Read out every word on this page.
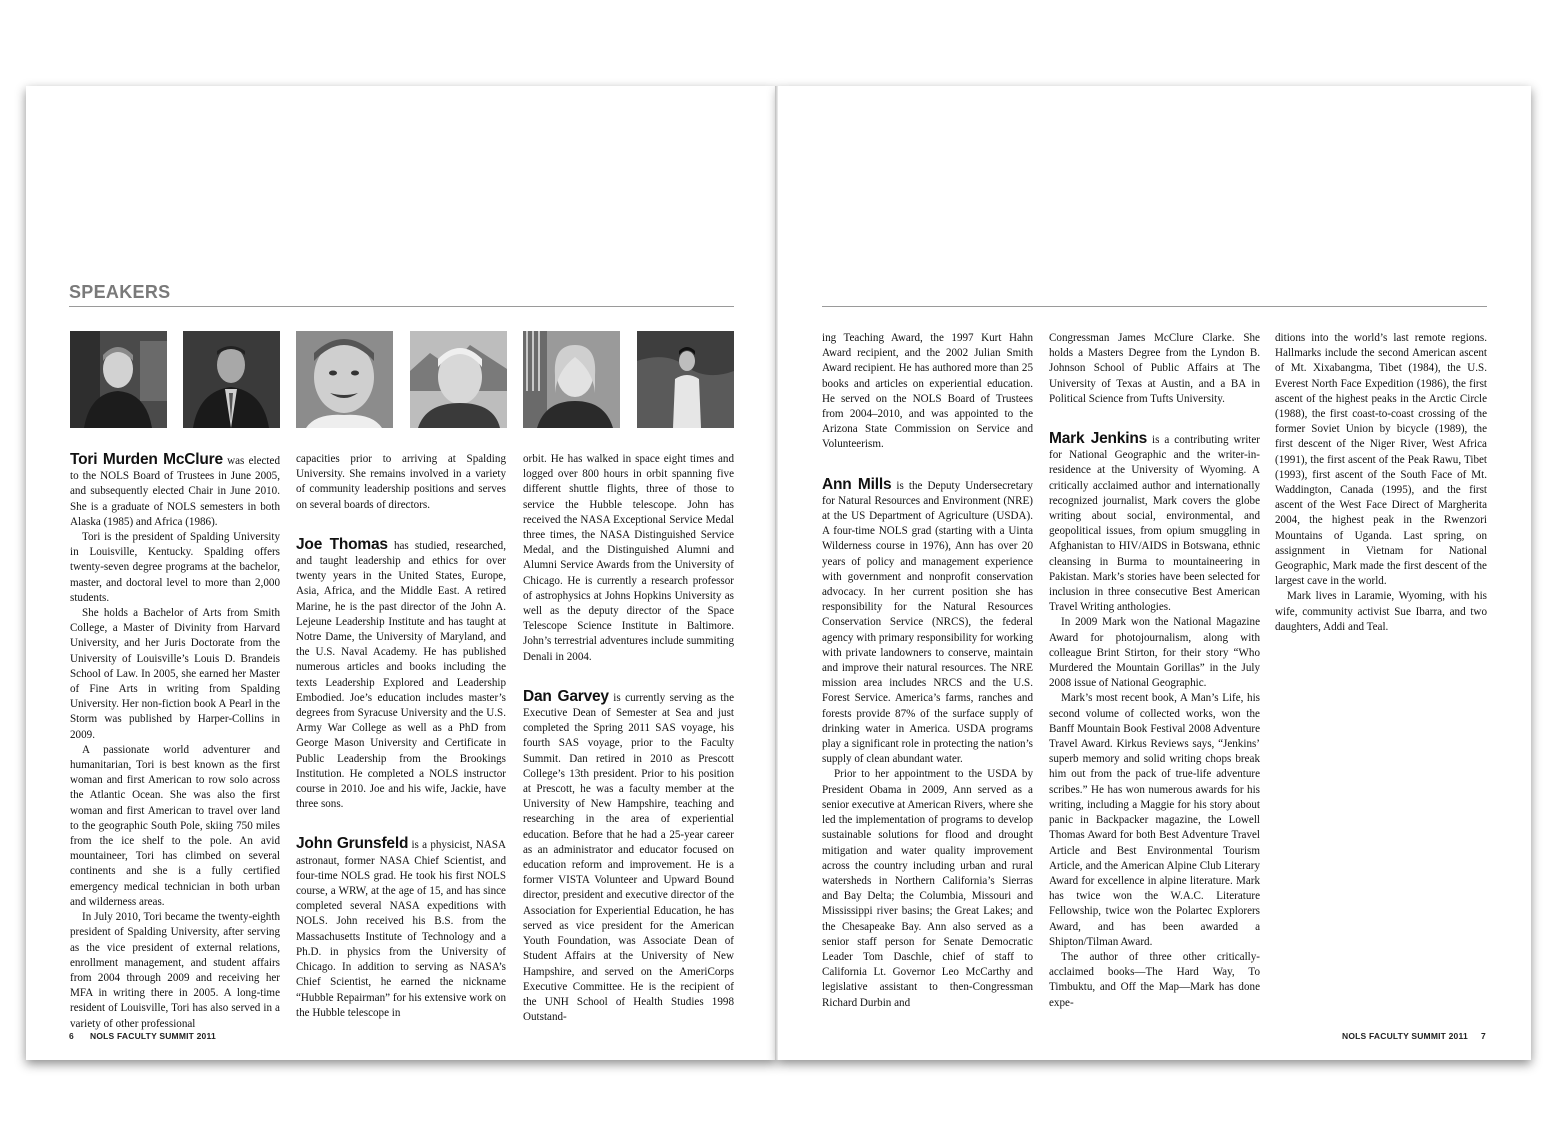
SPEAKERS

Tori Murden McClure was elected to the NOLS Board of Trustees in June 2005, and subsequently elected Chair in June 2010. She is a graduate of NOLS semesters in both Alaska (1985) and Africa (1986).

Tori is the president of Spalding University in Louisville, Kentucky. Spalding offers twenty-seven degree programs at the bachelor, master, and doctoral level to more than 2,000 students.

She holds a Bachelor of Arts from Smith College, a Master of Divinity from Harvard University, and her Juris Doctorate from the University of Louisville’s Louis D. Brandeis School of Law. In 2005, she earned her Master of Fine Arts in writing from Spalding University. Her non-fiction book A Pearl in the Storm was published by Harper-Collins in 2009.

A passionate world adventurer and humanitarian, Tori is best known as the first woman and first American to row solo across the Atlantic Ocean. She was also the first woman and first American to travel over land to the geographic South Pole, skiing 750 miles from the ice shelf to the pole. An avid mountaineer, Tori has climbed on several continents and she is a fully certified emergency medical technician in both urban and wilderness areas.

In July 2010, Tori became the twenty-eighth president of Spalding University, after serving as the vice president of external relations, enrollment management, and student affairs from 2004 through 2009 and receiving her MFA in writing there in 2005. A long-time resident of Louisville, Tori has also served in a variety of other professional

capacities prior to arriving at Spalding University. She remains involved in a variety of community leadership positions and serves on several boards of directors.

Joe Thomas has studied, researched, and taught leadership and ethics for over twenty years in the United States, Europe, Asia, Africa, and the Middle East. A retired Marine, he is the past director of the John A. Lejeune Leadership Institute and has taught at Notre Dame, the University of Maryland, and the U.S. Naval Academy. He has published numerous articles and books including the texts Leadership Explored and Leadership Embodied. Joe’s education includes master’s degrees from Syracuse University and the U.S. Army War College as well as a PhD from George Mason University and Certificate in Public Leadership from the Brookings Institution. He completed a NOLS instructor course in 2010. Joe and his wife, Jackie, have three sons.

John Grunsfeld is a physicist, NASA astronaut, former NASA Chief Scientist, and four-time NOLS grad. He took his first NOLS course, a WRW, at the age of 15, and has since completed several NASA expeditions with NOLS. John received his B.S. from the Massachusetts Institute of Technology and a Ph.D. in physics from the University of Chicago. In addition to serving as NASA’s Chief Scientist, he earned the nickname “Hubble Repairman” for his extensive work on the Hubble telescope in

orbit. He has walked in space eight times and logged over 800 hours in orbit spanning five different shuttle flights, three of those to service the Hubble telescope. John has received the NASA Exceptional Service Medal three times, the NASA Distinguished Service Medal, and the Distinguished Alumni and Alumni Service Awards from the University of Chicago. He is currently a research professor of astrophysics at Johns Hopkins University as well as the deputy director of the Space Telescope Science Institute in Baltimore. John’s terrestrial adventures include summiting Denali in 2004.

Dan Garvey is currently serving as the Executive Dean of Semester at Sea and just completed the Spring 2011 SAS voyage, his fourth SAS voyage, prior to the Faculty Summit. Dan retired in 2010 as Prescott College’s 13th president. Prior to his position at Prescott, he was a faculty member at the University of New Hampshire, teaching and researching in the area of experiential education. Before that he had a 25-year career as an administrator and educator focused on education reform and improvement. He is a former VISTA Volunteer and Upward Bound director, president and executive director of the Association for Experiential Education, he has served as vice president for the American Youth Foundation, was Associate Dean of Student Affairs at the University of New Hampshire, and served on the AmeriCorps Executive Committee. He is the recipient of the UNH School of Health Studies 1998 Outstand-

ing Teaching Award, the 1997 Kurt Hahn Award recipient, and the 2002 Julian Smith Award recipient. He has authored more than 25 books and articles on experiential education. He served on the NOLS Board of Trustees from 2004–2010, and was appointed to the Arizona State Commission on Service and Volunteerism.

Ann Mills is the Deputy Undersecretary for Natural Resources and Environment (NRE) at the US Department of Agriculture (USDA). A four-time NOLS grad (starting with a Uinta Wilderness course in 1976), Ann has over 20 years of policy and management experience with government and nonprofit conservation advocacy. In her current position she has responsibility for the Natural Resources Conservation Service (NRCS), the federal agency with primary responsibility for working with private landowners to conserve, maintain and improve their natural resources. The NRE mission area includes NRCS and the U.S. Forest Service. America’s farms, ranches and forests provide 87% of the surface supply of drinking water in America. USDA programs play a significant role in protecting the nation’s supply of clean abundant water.

Prior to her appointment to the USDA by President Obama in 2009, Ann served as a senior executive at American Rivers, where she led the implementation of programs to develop sustainable solutions for flood and drought mitigation and water quality improvement across the country including urban and rural watersheds in Northern California’s Sierras and Bay Delta; the Columbia, Missouri and Mississippi river basins; the Great Lakes; and the Chesapeake Bay. Ann also served as a senior staff person for Senate Democratic Leader Tom Daschle, chief of staff to California Lt. Governor Leo McCarthy and legislative assistant to then-Congressman Richard Durbin and

Congressman James McClure Clarke. She holds a Masters Degree from the Lyndon B. Johnson School of Public Affairs at The University of Texas at Austin, and a BA in Political Science from Tufts University.

Mark Jenkins is a contributing writer for National Geographic and the writer-in-residence at the University of Wyoming. A critically acclaimed author and internationally recognized journalist, Mark covers the globe writing about social, environmental, and geopolitical issues, from opium smuggling in Afghanistan to HIV/AIDS in Botswana, ethnic cleansing in Burma to mountaineering in Pakistan. Mark’s stories have been selected for inclusion in three consecutive Best American Travel Writing anthologies.

In 2009 Mark won the National Magazine Award for photojournalism, along with colleague Brint Stirton, for their story “Who Murdered the Mountain Gorillas” in the July 2008 issue of National Geographic.

Mark’s most recent book, A Man’s Life, his second volume of collected works, won the Banff Mountain Book Festival 2008 Adventure Travel Award. Kirkus Reviews says, “Jenkins’ superb memory and solid writing chops break him out from the pack of true-life adventure scribes.” He has won numerous awards for his writing, including a Maggie for his story about panic in Backpacker magazine, the Lowell Thomas Award for both Best Adventure Travel Article and Best Environmental Tourism Article, and the American Alpine Club Literary Award for excellence in alpine literature. Mark has twice won the W.A.C. Literature Fellowship, twice won the Polartec Explorers Award, and has been awarded a Shipton/Tilman Award.

The author of three other critically-acclaimed books—The Hard Way, To Timbuktu, and Off the Map—Mark has done expe-

ditions into the world’s last remote regions. Hallmarks include the second American ascent of Mt. Xixabangma, Tibet (1984), the U.S. Everest North Face Expedition (1986), the first ascent of the highest peaks in the Arctic Circle (1988), the first coast-to-coast crossing of the former Soviet Union by bicycle (1989), the first descent of the Niger River, West Africa (1991), the first ascent of the Peak Rawu, Tibet (1993), first ascent of the South Face of Mt. Waddington, Canada (1995), and the first ascent of the West Face Direct of Margherita 2004, the highest peak in the Rwenzori Mountains of Uganda. Last spring, on assignment in Vietnam for National Geographic, Mark made the first descent of the largest cave in the world.

Mark lives in Laramie, Wyoming, with his wife, community activist Sue Ibarra, and two daughters, Addi and Teal.

6 NOLS FACULTY SUMMIT 2011	NOLS FACULTY SUMMIT 2011 7
